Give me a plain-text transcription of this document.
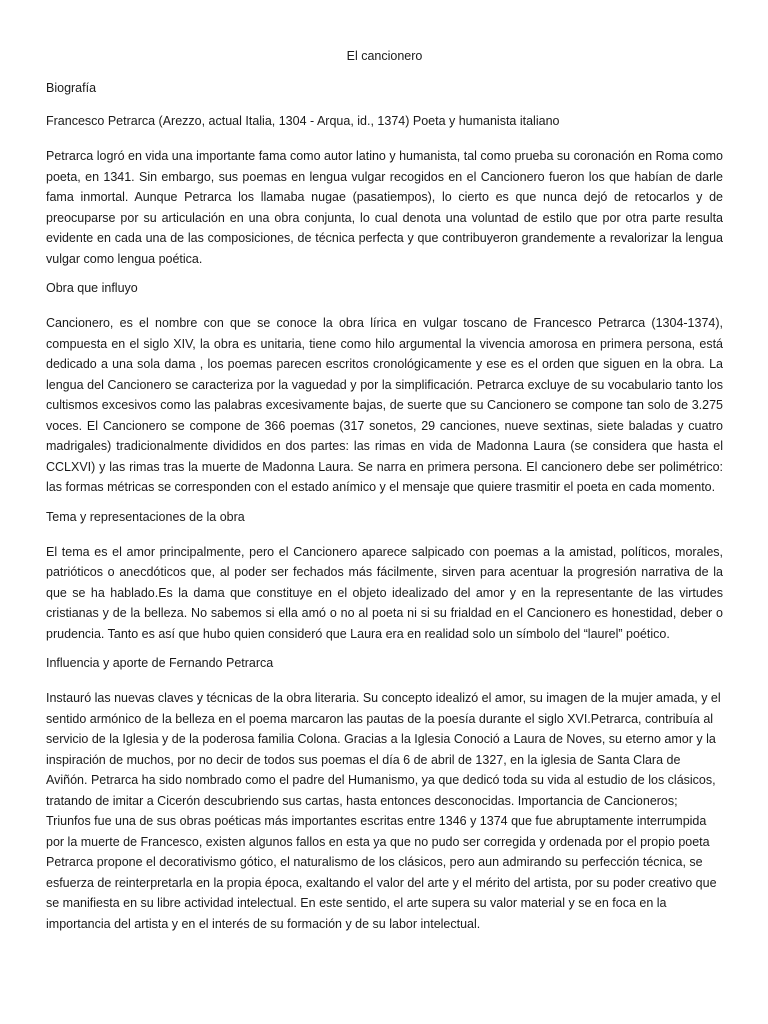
El cancionero
Biografía
Francesco Petrarca (Arezzo, actual Italia, 1304 - Arqua, id., 1374) Poeta y humanista italiano
Petrarca logró en vida una importante fama como autor latino y humanista, tal como prueba su coronación en Roma como poeta, en 1341. Sin embargo, sus poemas en lengua vulgar recogidos en el Cancionero fueron los que habían de darle fama inmortal. Aunque Petrarca los llamaba nugae (pasatiempos), lo cierto es que nunca dejó de retocarlos y de preocuparse por su articulación en una obra conjunta, lo cual denota una voluntad de estilo que por otra parte resulta evidente en cada una de las composiciones, de técnica perfecta y que contribuyeron grandemente a revalorizar la lengua vulgar como lengua poética.
Obra que influyo
Cancionero, es el nombre con que se conoce la obra lírica en vulgar toscano de Francesco Petrarca (1304-1374), compuesta en el siglo XIV, la obra es unitaria, tiene como hilo argumental la vivencia amorosa en primera persona, está dedicado a una sola dama , los poemas parecen escritos cronológicamente y ese es el orden que siguen en la obra. La lengua del Cancionero se caracteriza por la vaguedad y por la simplificación. Petrarca excluye de su vocabulario tanto los cultismos excesivos como las palabras excesivamente bajas, de suerte que su Cancionero se compone tan solo de 3.275 voces. El Cancionero se compone de 366 poemas (317 sonetos, 29 canciones, nueve sextinas, siete baladas y cuatro madrigales) tradicionalmente divididos en dos partes: las rimas en vida de Madonna Laura (se considera que hasta el CCLXVI) y las rimas tras la muerte de Madonna Laura. Se narra en primera persona. El cancionero debe ser polimétrico: las formas métricas se corresponden con el estado anímico y el mensaje que quiere trasmitir el poeta en cada momento.
Tema y representaciones de la obra
El tema es el amor principalmente, pero el Cancionero aparece salpicado con poemas a la amistad, políticos, morales, patrióticos o anecdóticos que, al poder ser fechados más fácilmente, sirven para acentuar la progresión narrativa de la que se ha hablado.Es la dama que constituye en el objeto idealizado del amor y en la representante de las virtudes cristianas y de la belleza. No sabemos si ella amó o no al poeta ni si su frialdad en el Cancionero es honestidad, deber o prudencia. Tanto es así que hubo quien consideró que Laura era en realidad solo un símbolo del “laurel” poético.
Influencia y aporte de Fernando Petrarca
Instauró las nuevas claves y técnicas de la obra literaria. Su concepto idealizó el amor, su imagen de la mujer amada, y el sentido armónico de la belleza en el poema marcaron las pautas de la poesía durante el siglo XVI.Petrarca, contribuía al servicio de la Iglesia y de la poderosa familia Colona. Gracias a la Iglesia Conoció a Laura de Noves, su eterno amor y la inspiración de muchos, por no decir de todos sus poemas el día 6 de abril de 1327, en la iglesia de Santa Clara de Aviñón. Petrarca ha sido nombrado como el padre del Humanismo, ya que dedicó toda su vida al estudio de los clásicos, tratando de imitar a Cicerón descubriendo sus cartas, hasta entonces desconocidas. Importancia de Cancioneros; Triunfos fue una de sus obras poéticas más importantes escritas entre 1346 y 1374 que fue abruptamente interrumpida por la muerte de Francesco, existen algunos fallos en esta ya que no pudo ser corregida y ordenada por el propio poeta Petrarca propone el decorativismo gótico, el naturalismo de los clásicos, pero aun admirando su perfección técnica, se esfuerza de reinterpretarla en la propia época, exaltando el valor del arte y el mérito del artista, por su poder creativo que se manifiesta en su libre actividad intelectual. En este sentido, el arte supera su valor material y se en foca en la importancia del artista y en el interés de su formación y de su labor intelectual.
